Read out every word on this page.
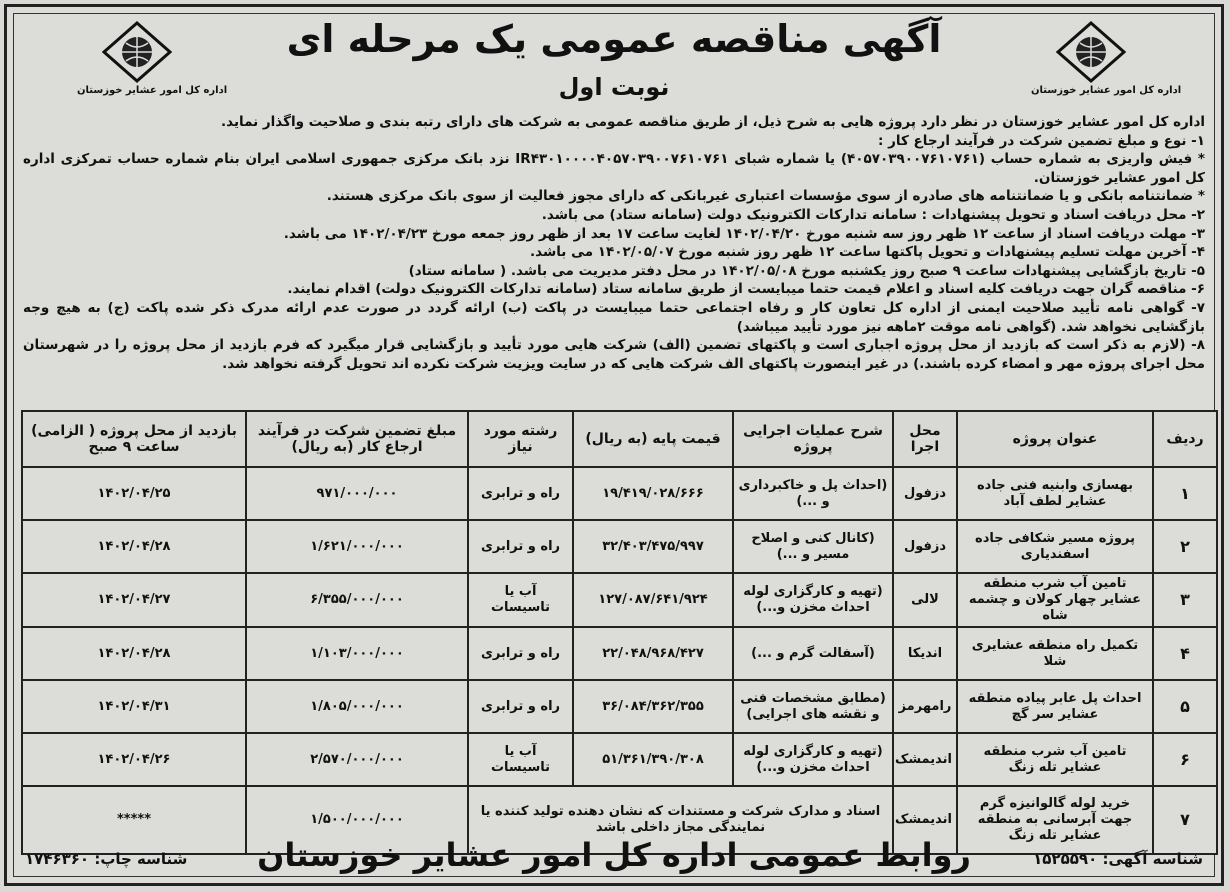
اداره کل امور عشایر خوزستان
اداره کل امور عشایر خوزستان
آگهی مناقصه عمومی یک مرحله ای
نوبت اول

اداره کل امور عشایر خوزستان در نظر دارد پروژه هایی به شرح ذیل، از طریق مناقصه عمومی به شرکت های دارای رتبه بندی و صلاحیت واگذار نماید.

۱- نوع و مبلغ تضمین شرکت در فرآیند ارجاع کار :

* فیش واریزی به شماره حساب (۴۰۵۷۰۳۹۰۰۷۶۱۰۷۶۱) یا شماره شبای IR۴۳۰۱۰۰۰۰۴۰۵۷۰۳۹۰۰۷۶۱۰۷۶۱ نزد بانک مرکزی جمهوری اسلامی ایران بنام شماره حساب تمرکزی اداره کل امور عشایر خوزستان.

* ضمانتنامه بانکی و یا ضمانتنامه های صادره از سوی مؤسسات اعتباری غیربانکی که دارای مجوز فعالیت از سوی بانک مرکزی هستند.

۲- محل دریافت اسناد و تحویل پیشنهادات : سامانه تدارکات الکترونیک دولت (سامانه ستاد) می باشد.

۳- مهلت دریافت اسناد از ساعت ۱۲ ظهر روز سه شنبه مورخ ۱۴۰۲/۰۴/۲۰ لغایت ساعت ۱۷ بعد از ظهر روز جمعه مورخ ۱۴۰۲/۰۴/۲۳ می باشد.

۴- آخرین مهلت تسلیم پیشنهادات و تحویل پاکتها ساعت ۱۲ ظهر روز شنبه مورخ ۱۴۰۲/۰۵/۰۷ می باشد.

۵- تاریخ بازگشایی پیشنهادات ساعت ۹ صبح روز یکشنبه مورخ ۱۴۰۲/۰۵/۰۸ در محل دفتر مدیریت می باشد. ( سامانه ستاد)

۶- مناقصه گران جهت دریافت کلیه اسناد و اعلام قیمت حتما میبایست از طریق سامانه ستاد (سامانه تدارکات الکترونیک دولت) اقدام نمایند.

۷- گواهی نامه تأیید صلاحیت ایمنی از اداره کل تعاون کار و رفاه اجتماعی حتما میبایست در پاکت (ب) ارائه گردد در صورت عدم ارائه مدرک ذکر شده پاکت (ج) به هیچ وجه بازگشایی نخواهد شد. (گواهی نامه موقت ۲ماهه نیز مورد تأیید میباشد)

۸- (لازم به ذکر است که بازدید از محل پروژه اجباری است و پاکتهای تضمین (الف) شرکت هایی مورد تأیید و بازگشایی قرار میگیرد که فرم بازدید از محل پروژه را در شهرستان محل اجرای پروژه مهر و امضاء کرده باشند.) در غیر اینصورت پاکتهای الف شرکت هایی که در سایت ویزیت شرکت نکرده اند تحویل گرفته نخواهد شد.

ردیف	عنوان پروژه	محل اجرا	شرح عملیات اجرایی پروژه	قیمت پایه (به ریال)	رشته مورد نیاز	مبلغ تضمین شرکت در فرآیند ارجاع کار (به ریال)	بازدید از محل پروژه ( الزامی) ساعت ۹ صبح
۱	بهسازی وابنیه فنی جاده عشایر لطف آباد	دزفول	(احداث پل و خاکبرداری و ...)	۱۹/۴۱۹/۰۲۸/۶۶۶	راه و ترابری	۹۷۱/۰۰۰/۰۰۰	۱۴۰۲/۰۴/۲۵
۲	پروژه مسیر شکافی جاده اسفندیاری	دزفول	(کانال کنی و اصلاح مسیر و ...)	۳۲/۴۰۳/۴۷۵/۹۹۷	راه و ترابری	۱/۶۲۱/۰۰۰/۰۰۰	۱۴۰۲/۰۴/۲۸
۳	تامین آب شرب منطقه عشایر چهار کولان و چشمه شاه	لالی	(تهیه و کارگزاری لوله احداث مخزن و...)	۱۲۷/۰۸۷/۶۴۱/۹۲۴	آب یا تاسیسات	۶/۳۵۵/۰۰۰/۰۰۰	۱۴۰۲/۰۴/۲۷
۴	تکمیل راه منطقه عشایری شلا	اندیکا	(آسفالت گرم و ...)	۲۲/۰۴۸/۹۶۸/۴۲۷	راه و ترابری	۱/۱۰۳/۰۰۰/۰۰۰	۱۴۰۲/۰۴/۲۸
۵	احداث پل عابر پیاده منطقه عشایر سر گچ	رامهرمز	(مطابق مشخصات فنی و نقشه های اجرایی)	۳۶/۰۸۴/۳۶۲/۳۵۵	راه و ترابری	۱/۸۰۵/۰۰۰/۰۰۰	۱۴۰۲/۰۴/۳۱
۶	تامین آب شرب منطقه عشایر تله زنگ	اندیمشک	(تهیه و کارگزاری لوله احداث مخزن و...)	۵۱/۳۶۱/۳۹۰/۳۰۸	آب یا تاسیسات	۲/۵۷۰/۰۰۰/۰۰۰	۱۴۰۲/۰۴/۲۶
۷	خرید لوله گالوانیزه گرم جهت آبرسانی به منطقه عشایر تله زنگ	اندیمشک	اسناد و مدارک شرکت و مستندات که نشان دهنده تولید کننده یا نمایندگی مجاز داخلی باشد			۱/۵۰۰/۰۰۰/۰۰۰	*****
شناسه آگهی: ۱۵۲۵۵۹۰
روابط عمومی اداره کل امور عشایر خوزستان
شناسه چاپ: ۱۷۴۶۳۶۰
